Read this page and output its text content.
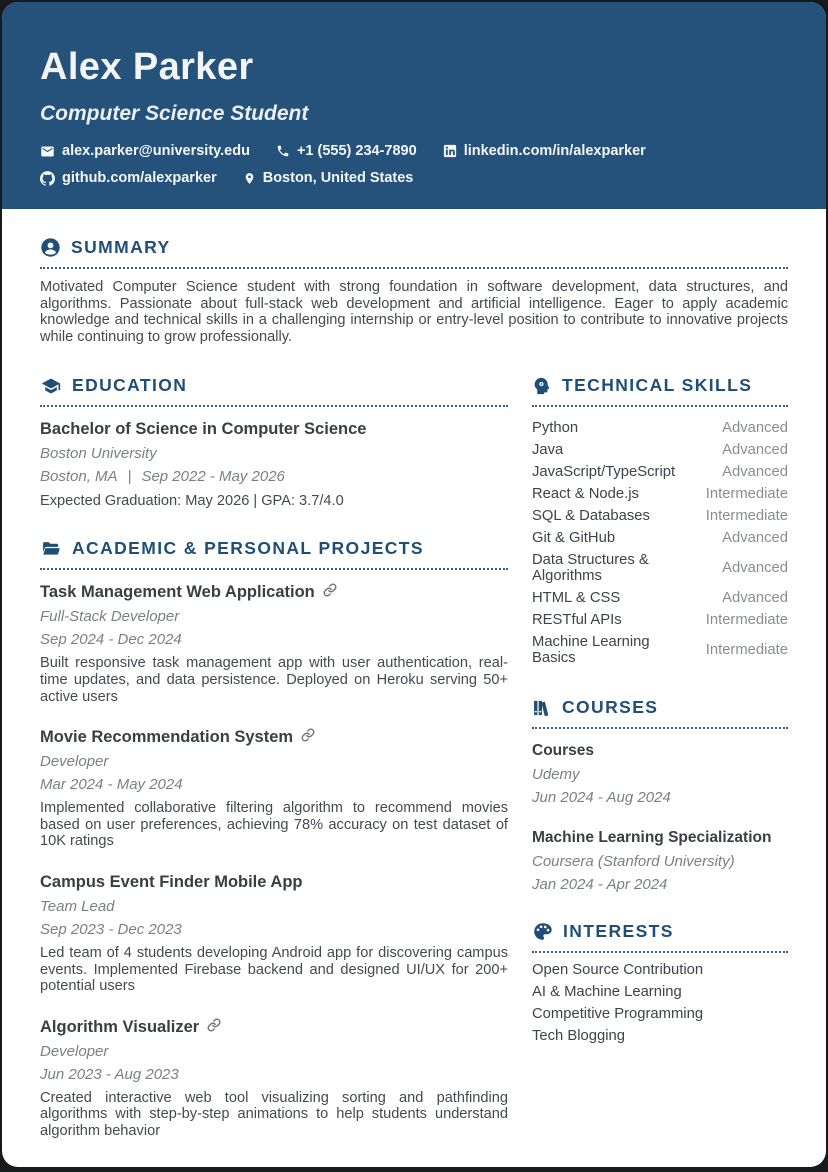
Alex Parker
Computer Science Student
alex.parker@university.edu	+1 (555) 234-7890	linkedin.com/in/alexparker
github.com/alexparker	Boston, United States
SUMMARY

Motivated Computer Science student with strong foundation in software development, data structures, and algorithms. Passionate about full-stack web development and artificial intelligence. Eager to apply academic knowledge and technical skills in a challenging internship or entry-level position to contribute to innovative projects while continuing to grow professionally.

EDUCATION
Bachelor of Science in Computer Science
Boston University
Boston, MA | Sep 2022 - May 2026
Expected Graduation: May 2026 | GPA: 3.7/4.0
ACADEMIC & PERSONAL PROJECTS
Task Management Web Application
Full-Stack Developer
Sep 2024 - Dec 2024
Built responsive task management app with user authentication, real-time updates, and data persistence. Deployed on Heroku serving 50+ active users
Movie Recommendation System
Developer
Mar 2024 - May 2024
Implemented collaborative filtering algorithm to recommend movies based on user preferences, achieving 78% accuracy on test dataset of 10K ratings
Campus Event Finder Mobile App
Team Lead
Sep 2023 - Dec 2023
Led team of 4 students developing Android app for discovering campus events. Implemented Firebase backend and designed UI/UX for 200+ potential users
Algorithm Visualizer
Developer
Jun 2023 - Aug 2023
Created interactive web tool visualizing sorting and pathfinding algorithms with step-by-step animations to help students understand algorithm behavior
TECHNICAL SKILLS
Python	Advanced
Java	Advanced
JavaScript/TypeScript	Advanced
React & Node.js	Intermediate
SQL & Databases	Intermediate
Git & GitHub	Advanced
Data Structures & Algorithms	Advanced
HTML & CSS	Advanced
RESTful APIs	Intermediate
Machine Learning Basics	Intermediate
COURSES
Courses
Udemy
Jun 2024 - Aug 2024
Machine Learning Specialization
Coursera (Stanford University)
Jan 2024 - Apr 2024
INTERESTS
Open Source Contribution
AI & Machine Learning
Competitive Programming
Tech Blogging
